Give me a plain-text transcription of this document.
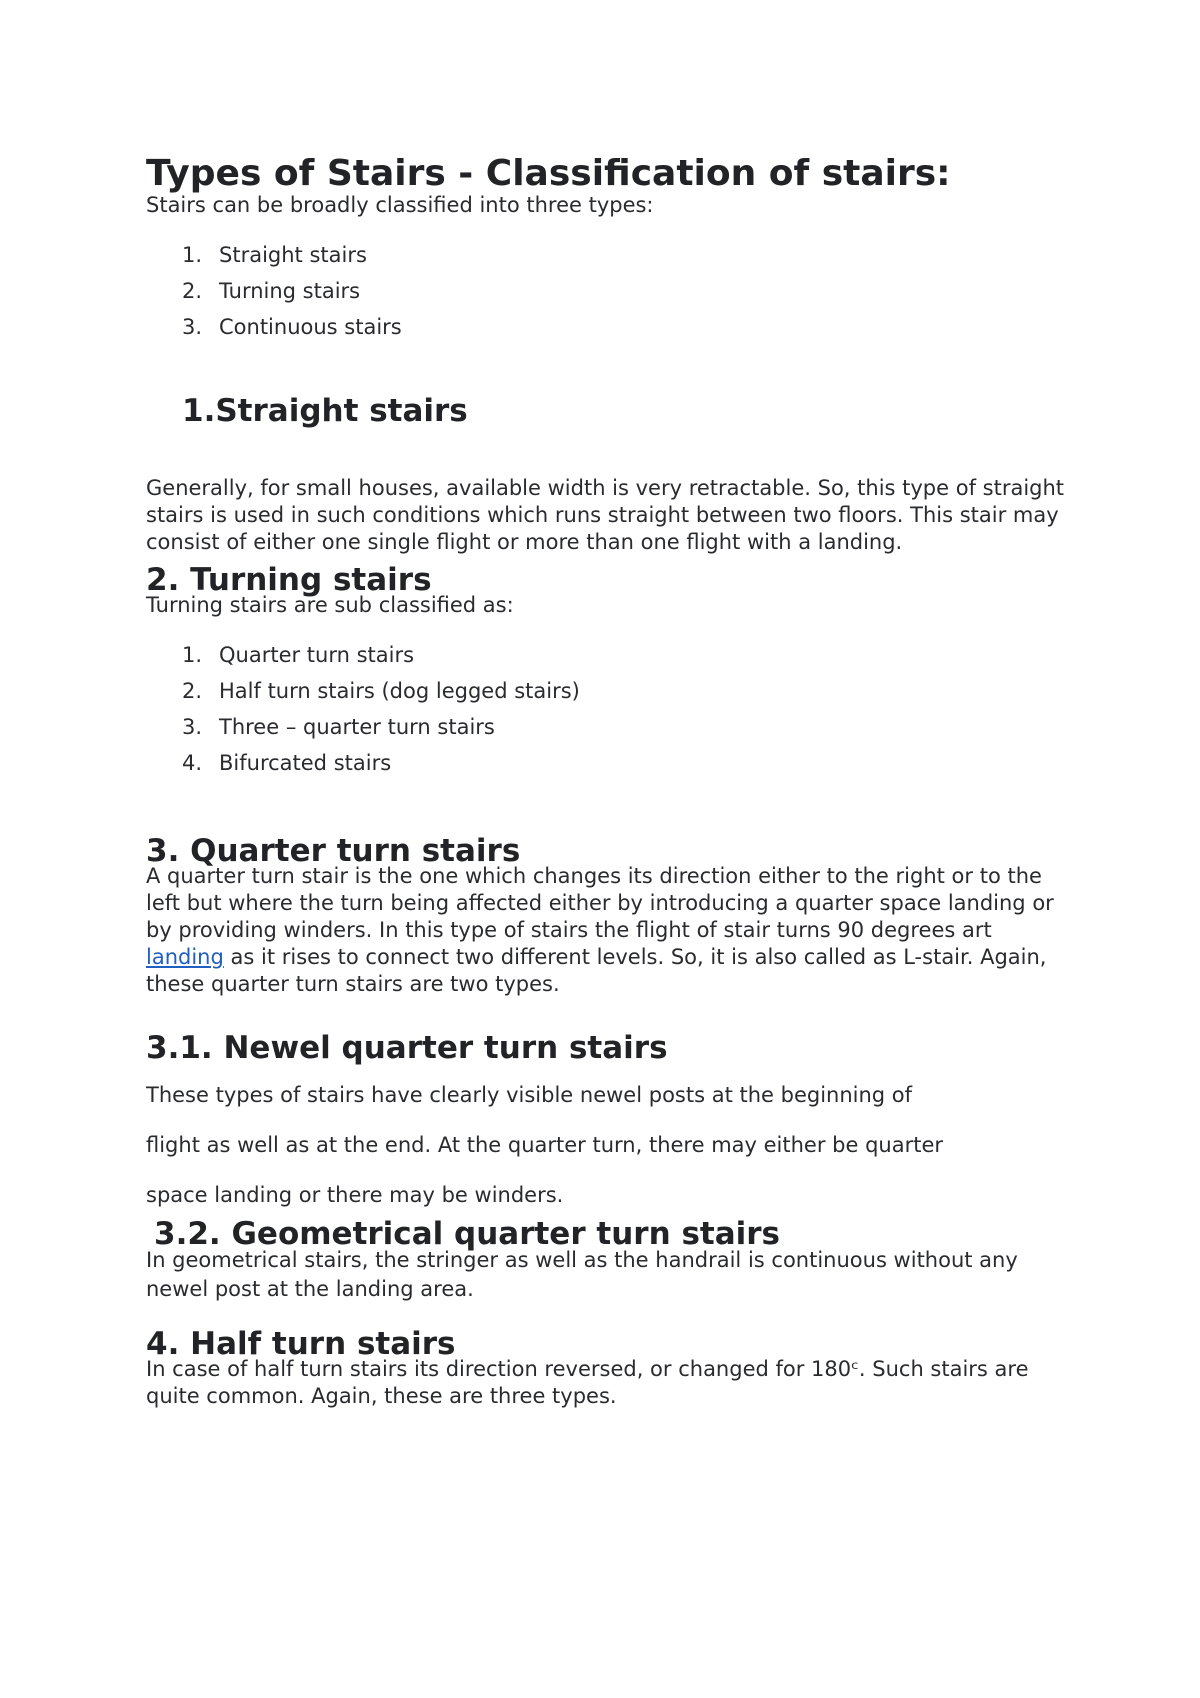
Types of Stairs - Classification of stairs:

Stairs can be broadly classified into three types:

1. Straight stairs
2. Turning stairs
3. Continuous stairs
1.Straight stairs

Generally, for small houses, available width is very retractable. So, this type of straight stairs is used in such conditions which runs straight between two floors. This stair may consist of either one single flight or more than one flight with a landing.

2. Turning stairs

Turning stairs are sub classified as:

1. Quarter turn stairs
2. Half turn stairs (dog legged stairs)
3. Three – quarter turn stairs
4. Bifurcated stairs
3. Quarter turn stairs

A quarter turn stair is the one which changes its direction either to the right or to the left but where the turn being affected either by introducing a quarter space landing or by providing winders. In this type of stairs the flight of stair turns 90 degrees art landing as it rises to connect two different levels. So, it is also called as L-stair. Again, these quarter turn stairs are two types.

3.1. Newel quarter turn stairs

These types of stairs have clearly visible newel posts at the beginning of

flight as well as at the end. At the quarter turn, there may either be quarter

space landing or there may be winders.

3.2. Geometrical quarter turn stairs

In geometrical stairs, the stringer as well as the handrail is continuous without any newel post at the landing area.

4. Half turn stairs

In case of half turn stairs its direction reversed, or changed for 180ᶜ. Such stairs are quite common. Again, these are three types.
